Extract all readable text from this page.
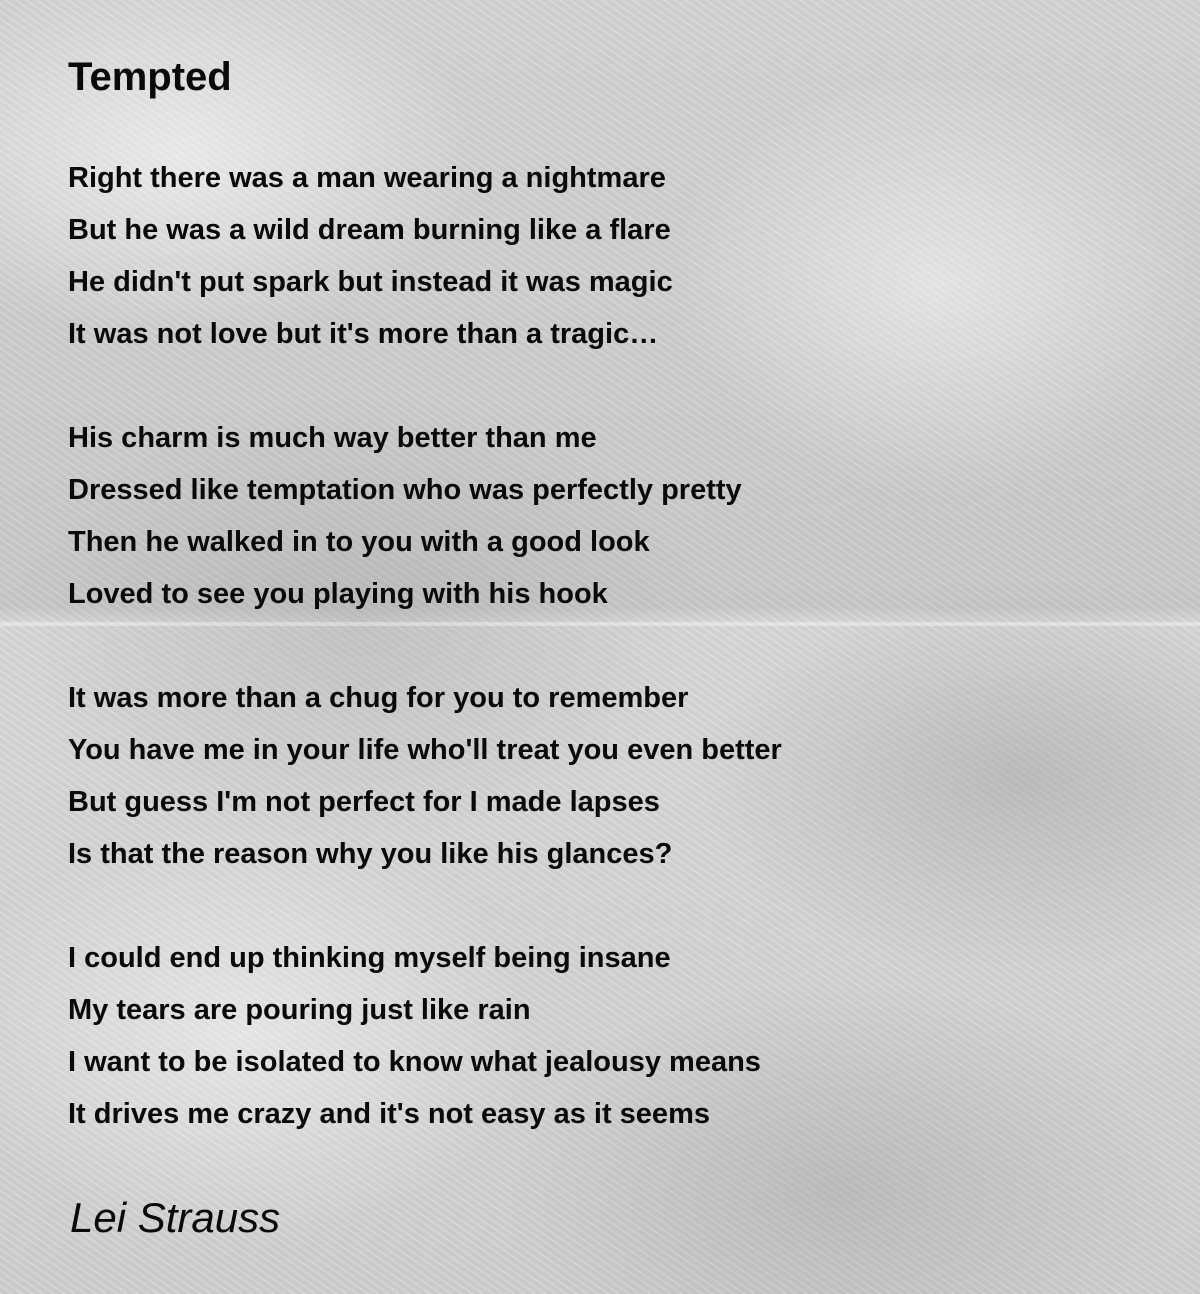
Tempted
Right there was a man wearing a nightmare
But he was a wild dream burning like a flare
He didn't put spark but instead it was magic
It was not love but it's more than a tragic…
His charm is much way better than me
Dressed like temptation who was perfectly pretty
Then he walked in to you with a good look
Loved to see you playing with his hook
It was more than a chug for you to remember
You have me in your life who'll treat you even better
But guess I'm not perfect for I made lapses
Is that the reason why you like his glances?
I could end up thinking myself being insane
My tears are pouring just like rain
I want to be isolated to know what jealousy means
It drives me crazy and it's not easy as it seems
Lei Strauss
